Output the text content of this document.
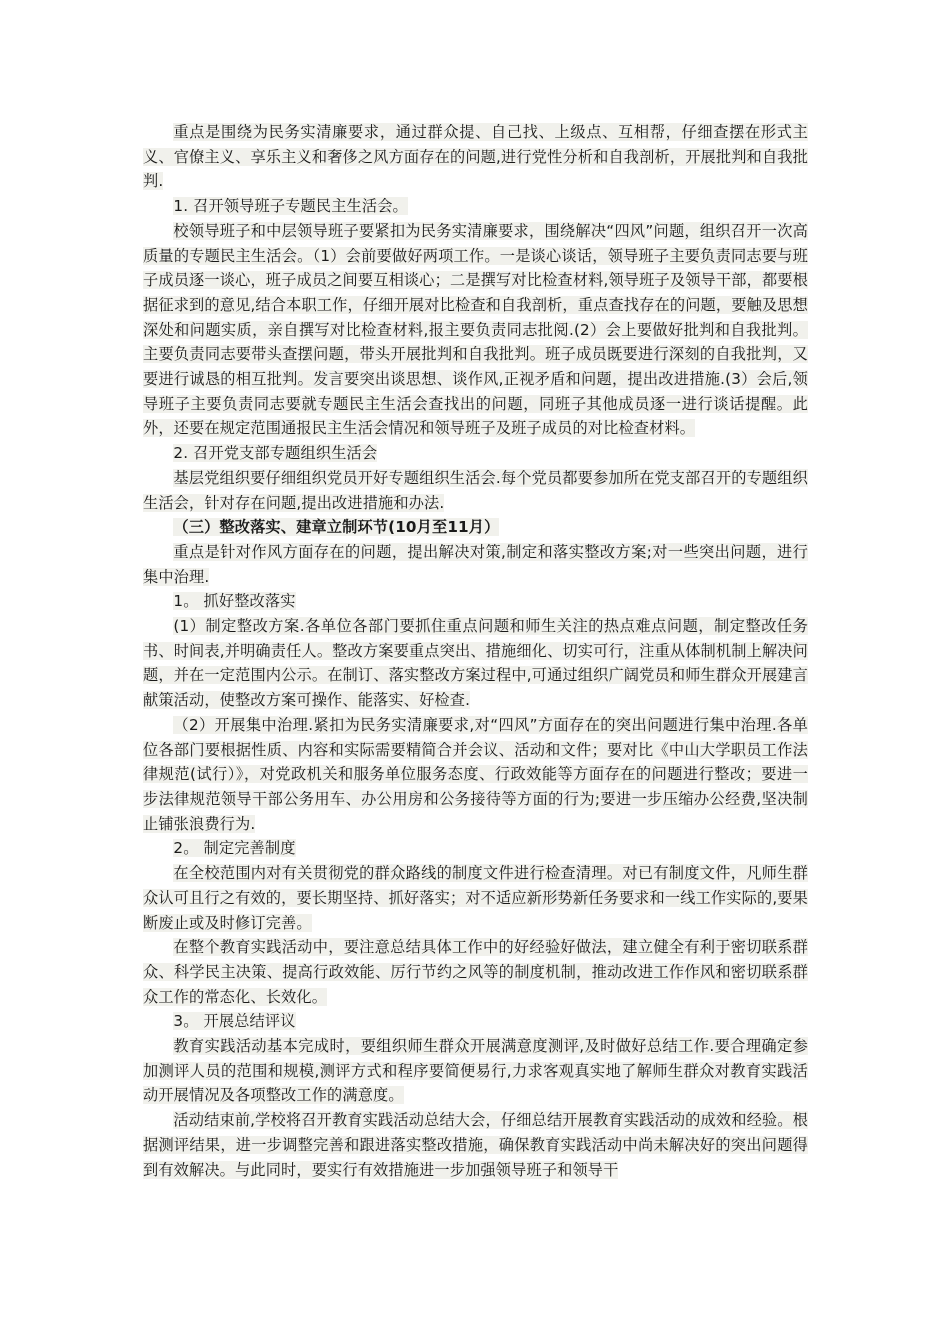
重点是围绕为民务实清廉要求，通过群众提、自己找、上级点、互相帮，仔细查摆在形式主义、官僚主义、享乐主义和奢侈之风方面存在的问题,进行党性分析和自我剖析，开展批判和自我批判.

1. 召开领导班子专题民主生活会。

校领导班子和中层领导班子要紧扣为民务实清廉要求，围绕解决“四风”问题，组织召开一次高质量的专题民主生活会。（1）会前要做好两项工作。一是谈心谈话，领导班子主要负责同志要与班子成员逐一谈心，班子成员之间要互相谈心；二是撰写对比检查材料,领导班子及领导干部，都要根据征求到的意见,结合本职工作，仔细开展对比检查和自我剖析，重点查找存在的问题，要触及思想深处和问题实质，亲自撰写对比检查材料,报主要负责同志批阅.(2）会上要做好批判和自我批判。主要负责同志要带头查摆问题，带头开展批判和自我批判。班子成员既要进行深刻的自我批判，又要进行诚恳的相互批判。发言要突出谈思想、谈作风,正视矛盾和问题，提出改进措施.(3）会后,领导班子主要负责同志要就专题民主生活会查找出的问题，同班子其他成员逐一进行谈话提醒。此外，还要在规定范围通报民主生活会情况和领导班子及班子成员的对比检查材料。

2. 召开党支部专题组织生活会

基层党组织要仔细组织党员开好专题组织生活会.每个党员都要参加所在党支部召开的专题组织生活会，针对存在问题,提出改进措施和办法.

（三）整改落实、建章立制环节(10月至11月）

重点是针对作风方面存在的问题，提出解决对策,制定和落实整改方案;对一些突出问题，进行集中治理.

1。 抓好整改落实

(1）制定整改方案.各单位各部门要抓住重点问题和师生关注的热点难点问题，制定整改任务书、时间表,并明确责任人。整改方案要重点突出、措施细化、切实可行，注重从体制机制上解决问题，并在一定范围内公示。在制订、落实整改方案过程中,可通过组织广阔党员和师生群众开展建言献策活动，使整改方案可操作、能落实、好检查.

（2）开展集中治理.紧扣为民务实清廉要求,对“四风”方面存在的突出问题进行集中治理.各单位各部门要根据性质、内容和实际需要精简合并会议、活动和文件；要对比《中山大学职员工作法律规范(试行）》，对党政机关和服务单位服务态度、行政效能等方面存在的问题进行整改；要进一步法律规范领导干部公务用车、办公用房和公务接待等方面的行为;要进一步压缩办公经费,坚决制止铺张浪费行为.

2。 制定完善制度

在全校范围内对有关贯彻党的群众路线的制度文件进行检查清理。对已有制度文件，凡师生群众认可且行之有效的，要长期坚持、抓好落实；对不适应新形势新任务要求和一线工作实际的,要果断废止或及时修订完善。

在整个教育实践活动中，要注意总结具体工作中的好经验好做法，建立健全有利于密切联系群众、科学民主决策、提高行政效能、厉行节约之风等的制度机制，推动改进工作作风和密切联系群众工作的常态化、长效化。

3。 开展总结评议

教育实践活动基本完成时，要组织师生群众开展满意度测评,及时做好总结工作.要合理确定参加测评人员的范围和规模,测评方式和程序要简便易行,力求客观真实地了解师生群众对教育实践活动开展情况及各项整改工作的满意度。

活动结束前,学校将召开教育实践活动总结大会，仔细总结开展教育实践活动的成效和经验。根据测评结果，进一步调整完善和跟进落实整改措施，确保教育实践活动中尚未解决好的突出问题得到有效解决。与此同时，要实行有效措施进一步加强领导班子和领导干
